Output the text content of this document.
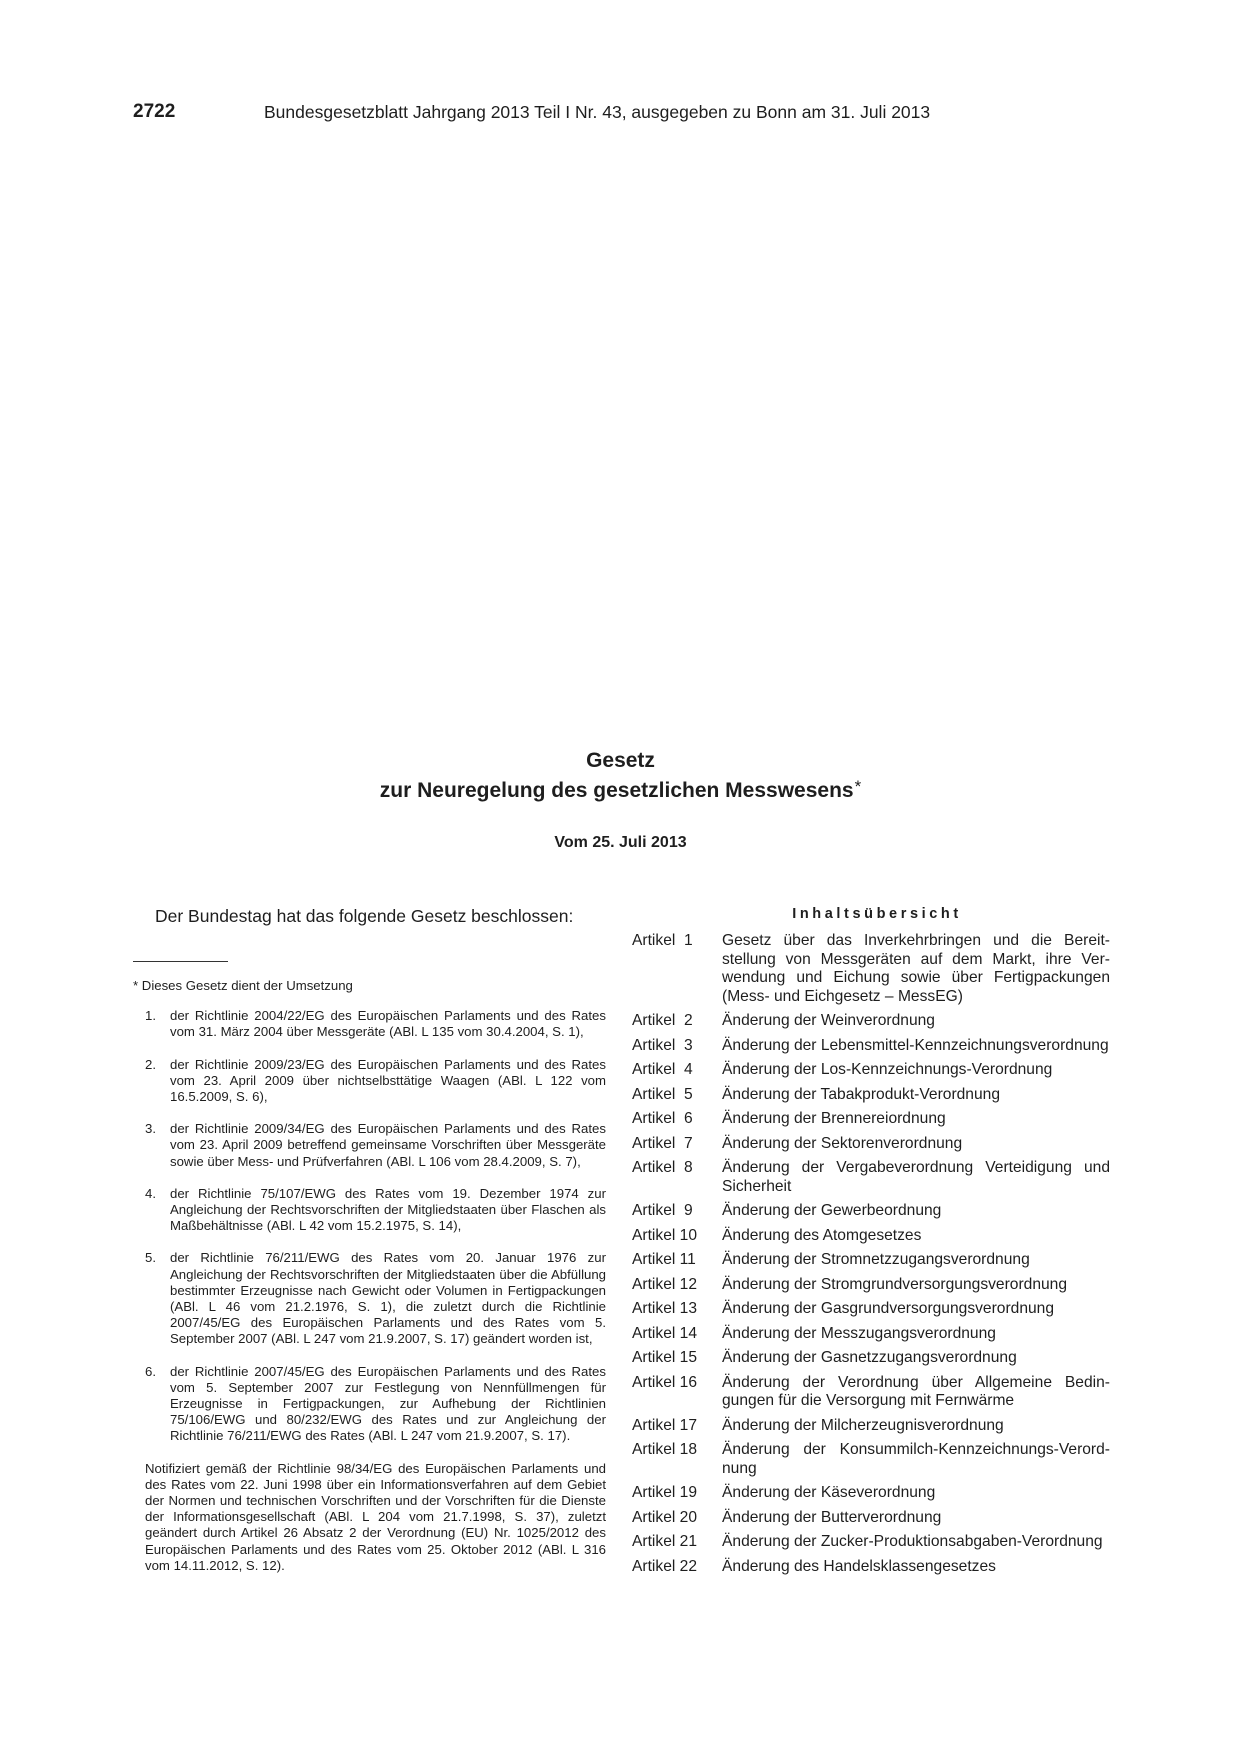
2722	Bundesgesetzblatt Jahrgang 2013 Teil I Nr. 43, ausgegeben zu Bonn am 31. Juli 2013
Gesetz
zur Neuregelung des gesetzlichen Messwesens*
Vom 25. Juli 2013

Der Bundestag hat das folgende Gesetz beschlossen:

* Dieses Gesetz dient der Umsetzung

1.	der Richtlinie 2004/22/EG des Europäischen Parlaments und des Rates vom 31. März 2004 über Messgeräte (ABl. L 135 vom 30.4.2004, S. 1),
2.	der Richtlinie 2009/23/EG des Europäischen Parlaments und des Rates vom 23. April 2009 über nichtselbsttätige Waagen (ABl. L 122 vom 16.5.2009, S. 6),
3.	der Richtlinie 2009/34/EG des Europäischen Parlaments und des Rates vom 23. April 2009 betreffend gemeinsame Vorschriften über Messgeräte sowie über Mess- und Prüfverfahren (ABl. L 106 vom 28.4.2009, S. 7),
4.	der Richtlinie 75/107/EWG des Rates vom 19. Dezember 1974 zur Angleichung der Rechtsvorschriften der Mitgliedstaaten über Flaschen als Maßbehältnisse (ABl. L 42 vom 15.2.1975, S. 14),
5.	der Richtlinie 76/211/EWG des Rates vom 20. Januar 1976 zur Angleichung der Rechtsvorschriften der Mitgliedstaaten über die Abfüllung bestimmter Erzeugnisse nach Gewicht oder Volumen in Fertigpackungen (ABl. L 46 vom 21.2.1976, S. 1), die zuletzt durch die Richtlinie 2007/45/EG des Europäischen Parlaments und des Rates vom 5. September 2007 (ABl. L 247 vom 21.9.2007, S. 17) geändert worden ist,
6.	der Richtlinie 2007/45/EG des Europäischen Parlaments und des Rates vom 5. September 2007 zur Festlegung von Nennfüllmengen für Erzeugnisse in Fertigpackungen, zur Aufhebung der Richtlinien 75/106/EWG und 80/232/EWG des Rates und zur Angleichung der Richtlinie 76/211/EWG des Rates (ABl. L 247 vom 21.9.2007, S. 17).

Notifiziert gemäß der Richtlinie 98/34/EG des Europäischen Parlaments und des Rates vom 22. Juni 1998 über ein Informationsverfahren auf dem Gebiet der Normen und technischen Vorschriften und der Vorschriften für die Dienste der Informationsgesellschaft (ABl. L 204 vom 21.7.1998, S. 37), zuletzt geändert durch Artikel 26 Absatz 2 der Verordnung (EU) Nr. 1025/2012 des Europäischen Parlaments und des Rates vom 25. Oktober 2012 (ABl. L 316 vom 14.11.2012, S. 12).

Inhaltsübersicht
Artikel  1	Gesetz über das Inverkehrbringen und die Bereitstellung von Messgeräten auf dem Markt, ihre Verwendung und Eichung sowie über Fertigpackungen (Mess- und Eichgesetz – MessEG)
Artikel  2	Änderung der Weinverordnung
Artikel  3	Änderung der Lebensmittel-Kennzeichnungsverordnung
Artikel  4	Änderung der Los-Kennzeichnungs-Verordnung
Artikel  5	Änderung der Tabakprodukt-Verordnung
Artikel  6	Änderung der Brennereiordnung
Artikel  7	Änderung der Sektorenverordnung
Artikel  8	Änderung der Vergabeverordnung Verteidigung und Sicherheit
Artikel  9	Änderung der Gewerbeordnung
Artikel 10	Änderung des Atomgesetzes
Artikel 11	Änderung der Stromnetzzugangsverordnung
Artikel 12	Änderung der Stromgrundversorgungsverordnung
Artikel 13	Änderung der Gasgrundversorgungsverordnung
Artikel 14	Änderung der Messzugangsverordnung
Artikel 15	Änderung der Gasnetzzugangsverordnung
Artikel 16	Änderung der Verordnung über Allgemeine Bedingungen für die Versorgung mit Fernwärme
Artikel 17	Änderung der Milcherzeugnisverordnung
Artikel 18	Änderung der Konsummilch-Kennzeichnungs-Verordnung
Artikel 19	Änderung der Käseverordnung
Artikel 20	Änderung der Butterverordnung
Artikel 21	Änderung der Zucker-Produktionsabgaben-Verordnung
Artikel 22	Änderung des Handelsklassengesetzes
